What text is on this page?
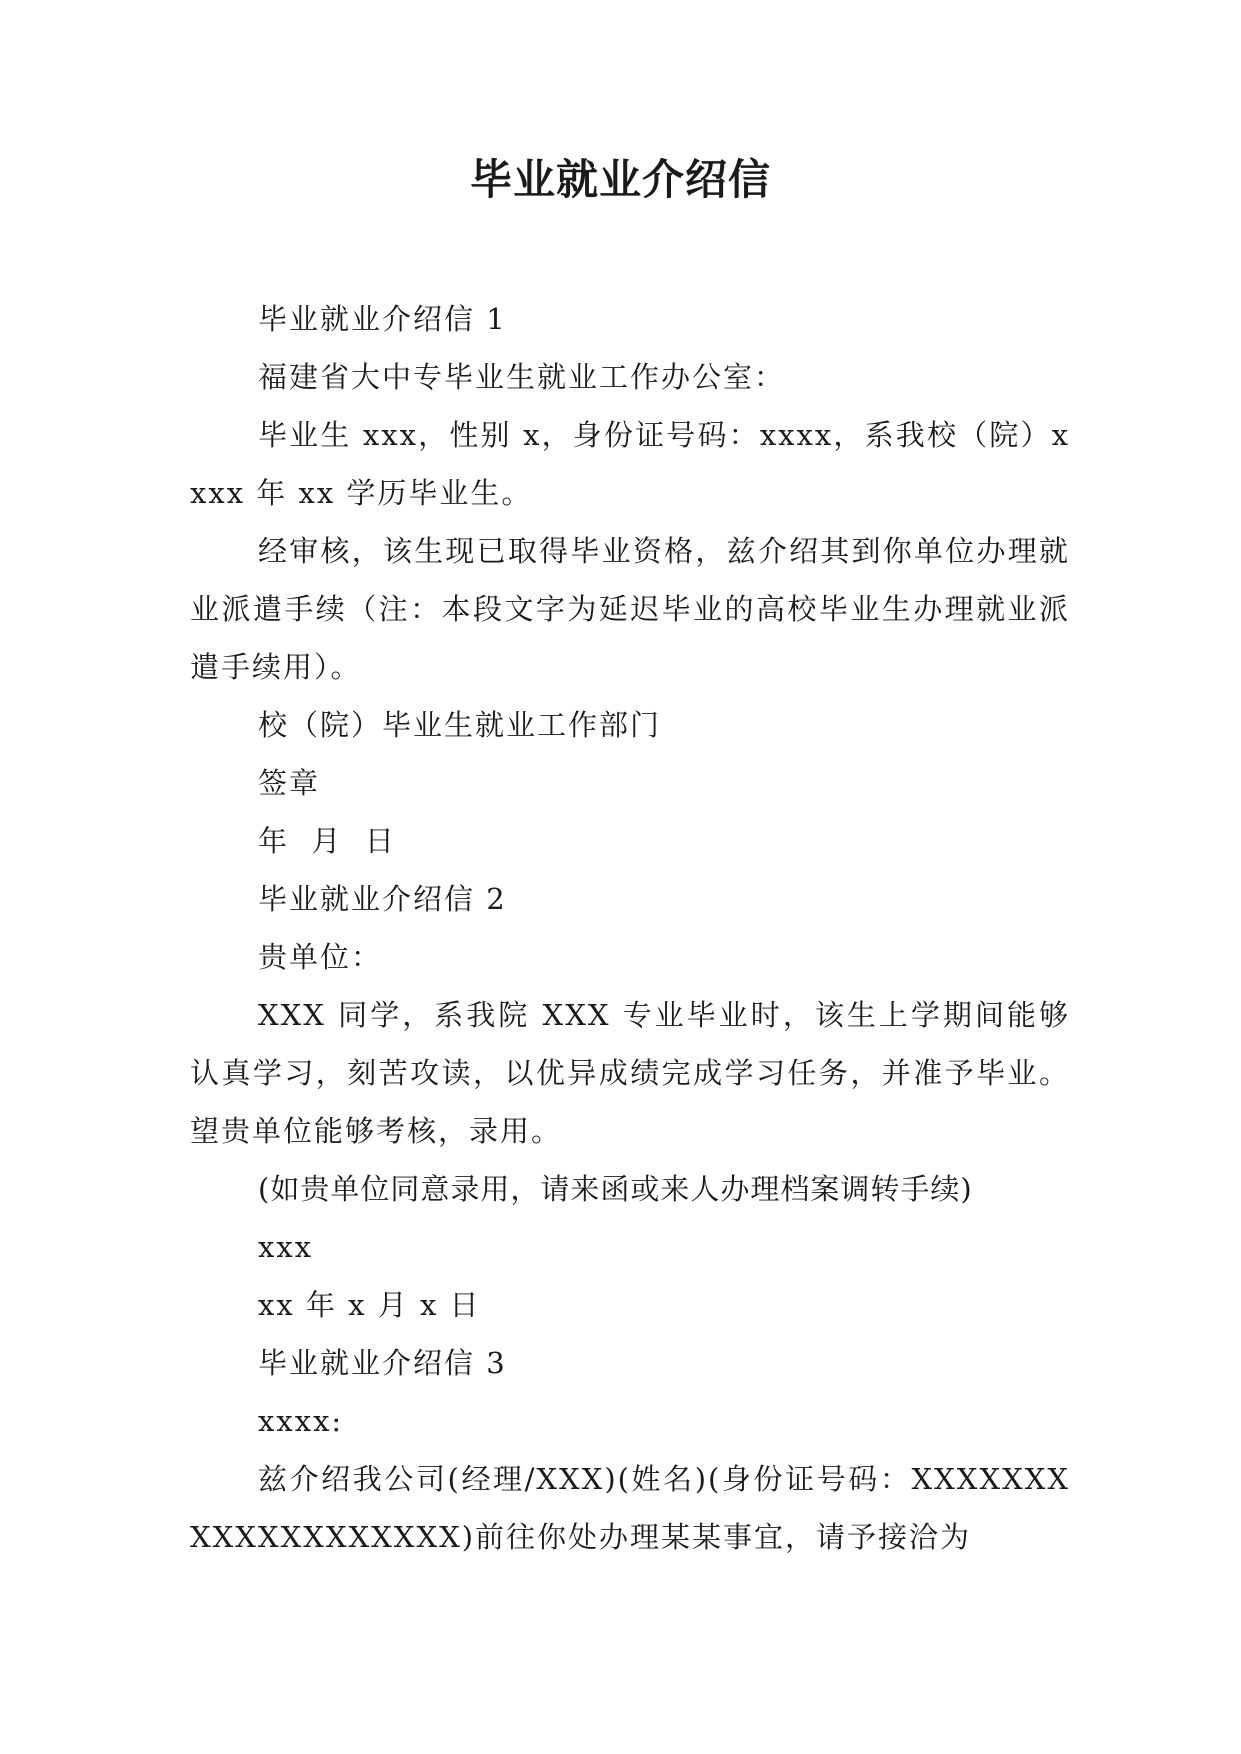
毕业就业介绍信

毕业就业介绍信 1

福建省大中专毕业生就业工作办公室：

毕业生 xxx，性别 x，身份证号码：xxxx，系我校（院）xxxx 年 xx 学历毕业生。

经审核，该生现已取得毕业资格，兹介绍其到你单位办理就业派遣手续（注：本段文字为延迟毕业的高校毕业生办理就业派遣手续用）。

校（院）毕业生就业工作部门

签章

年  月  日

毕业就业介绍信 2

贵单位：

XXX 同学，系我院 XXX 专业毕业时，该生上学期间能够认真学习，刻苦攻读，以优异成绩完成学习任务，并准予毕业。望贵单位能够考核，录用。

(如贵单位同意录用，请来函或来人办理档案调转手续)

xxx

xx 年 x 月 x 日

毕业就业介绍信 3

xxxx:

兹介绍我公司(经理/XXX)(姓名)(身份证号码：XXXXXXXXXXXXXXXXXXX)前往你处办理某某事宜，请予接洽为
